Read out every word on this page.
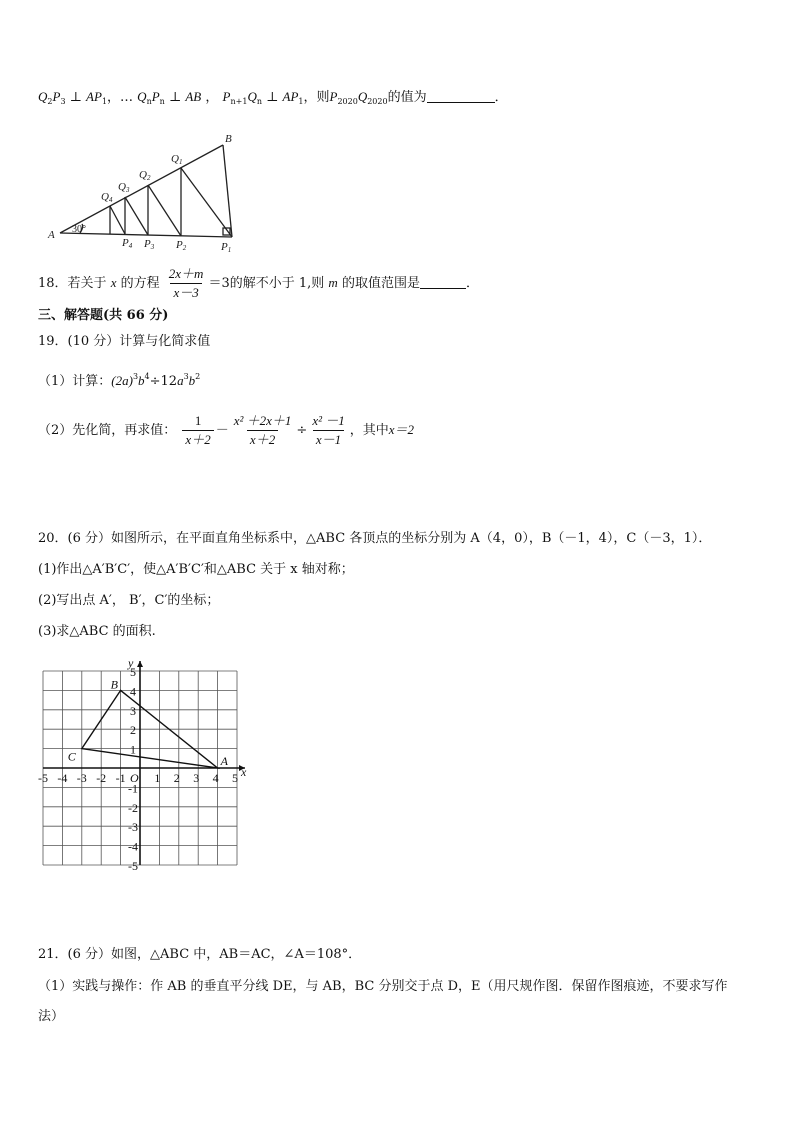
$Q_2P_3$ ⊥ $AP_1$，… $Q_nP_n$ ⊥ AB ， $P_{n+1}Q_n$ ⊥ $AP_1$，则$P_{2020}Q_{2020}$的值为	．
A
B
Q1
Q2
Q3
Q4
P1
P2
P3
P4
30°
18．若关于 x 的方程 $\frac{2x+m}{x-3} =3$的解不小于 1,则 m 的取值范围是	．
三、解答题(共 66 分)
19．(10 分）计算与化简求值
（1）计算：$(2a)^3b^4\div 12a^3b^2$
（2）先化简，再求值： $\frac{1}{x+2} - \frac{\text{x² ＋2x＋1}}{x+2} \div \frac{\text{x² －1}}{x-1}$ ，其中x＝2
20．(6 分）如图所示，在平面直角坐标系中，△ABC 各顶点的坐标分别为 A（4，0），B（－1，4），C（－3，1）．
(1)作出△A′B′C′，使△A′B′C′和△ABC 关于 x 轴对称；
(2)写出点 A′， B′，C′的坐标；
(3)求△ABC 的面积.
x
y
O
-5 -4 -3 -2 -1 1 2 3 4 5
5
4
3
2
1
-1
-2
-3
-4
-5
A
B
C
21．(6 分）如图，△ABC 中，AB＝AC，∠A＝108°．
（1）实践与操作：作 AB 的垂直平分线 DE，与 AB，BC 分别交于点 D，E（用尺规作图．保留作图痕迹，不要求写作
法）
